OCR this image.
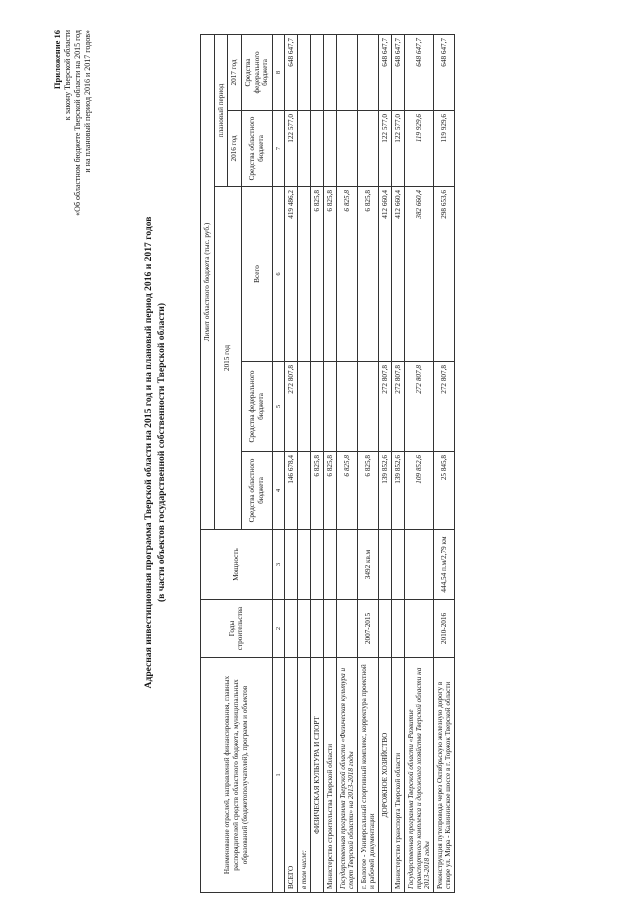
Приложение 16 к закону Тверской области «Об областном бюджете Тверской области на 2015 год и на плановый период 2016 и 2017 годов»
Адресная инвестиционная программа Тверской области на 2015 год и на плановый период 2016 и 2017 годов (в части объектов государственной собственности Тверской области)
Наименование отраслей, направлений финансирования, главных распорядителей средств областного бюджета, муниципальных образований (бюджетополучателей), программ и объектов	Годы строительства	Мощность	Лимит областного бюджета (тыс. руб.)				
			2015 год			плановый период	
						2016 год	2017 год
			Средства областного бюджета	Средства федерального бюджета	Всего	Средства областного бюджета	Средства федерального бюджета
1	2	3	4	5	6	7	8
ВСЕГО			146 678,4	272 807,8	419 486,2	122 577,0	648 647,7
в том числе:							
ФИЗИЧЕСКАЯ КУЛЬТУРА И СПОРТ			6 825,8		6 825,8		
Министерство строительства Тверской области			6 825,8		6 825,8		
Государственная программа Тверской области «Физическая культура и спорт Тверской области» на 2013-2018 годы			6 825,8		6 825,8		
г. Бологое - Универсальный спортивный комплекс, корректура проектной и рабочей документации	2007-2015	3492 кв.м	6 825,8		6 825,8		
ДОРОЖНОЕ ХОЗЯЙСТВО			139 852,6	272 807,8	412 660,4	122 577,0	648 647,7
Министерство транспорта Тверской области			139 852,6	272 807,8	412 660,4	122 577,0	648 647,7
Государственная программа Тверской области «Развитие транспортного комплекса и дорожного хозяйства Тверской области на 2013-2018 годы			109 852,6	272 807,8	382 660,4	119 929,6	648 647,7
Реконструкция путепровода через Октябрьскую железную дорогу в створе ул. Мира - Калининское шоссе в г. Торжок Тверской области	2010-2016	444,54 п.м/2,79 км	25 845,8	272 807,8	298 653,6	119 929,6	648 647,7
